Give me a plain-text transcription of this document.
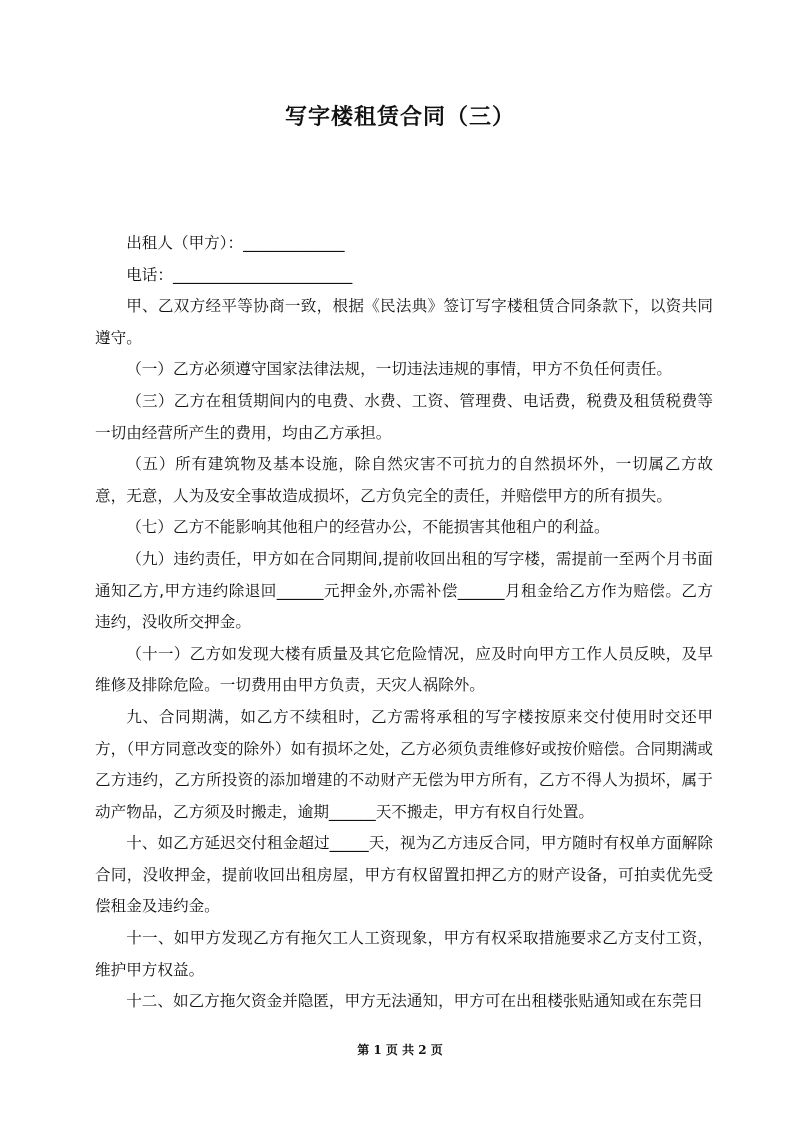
写字楼租赁合同（三）

出租人（甲方）：_____________

电话：_______________________

甲、乙双方经平等协商一致，根据《民法典》签订写字楼租赁合同条款下，以资共同遵守。

（一）乙方必须遵守国家法律法规，一切违法违规的事情，甲方不负任何责任。

（三）乙方在租赁期间内的电费、水费、工资、管理费、电话费，税费及租赁税费等一切由经营所产生的费用，均由乙方承担。

（五）所有建筑物及基本设施，除自然灾害不可抗力的自然损坏外，一切属乙方故意，无意，人为及安全事故造成损坏，乙方负完全的责任，并赔偿甲方的所有损失。

（七）乙方不能影响其他租户的经营办公，不能损害其他租户的利益。

（九）违约责任，甲方如在合同期间,提前收回出租的写字楼，需提前一至两个月书面通知乙方,甲方违约除退回______元押金外,亦需补偿______月租金给乙方作为赔偿。乙方违约，没收所交押金。

（十一）乙方如发现大楼有质量及其它危险情况，应及时向甲方工作人员反映，及早维修及排除危险。一切费用由甲方负责，天灾人祸除外。

九、合同期满，如乙方不续租时，乙方需将承租的写字楼按原来交付使用时交还甲方，（甲方同意改变的除外）如有损坏之处，乙方必须负责维修好或按价赔偿。合同期满或乙方违约，乙方所投资的添加增建的不动财产无偿为甲方所有，乙方不得人为损坏，属于动产物品，乙方须及时搬走，逾期______天不搬走，甲方有权自行处置。

十、如乙方延迟交付租金超过_____天，视为乙方违反合同，甲方随时有权单方面解除合同，没收押金，提前收回出租房屋，甲方有权留置扣押乙方的财产设备，可拍卖优先受偿租金及违约金。

十一、如甲方发现乙方有拖欠工人工资现象，甲方有权采取措施要求乙方支付工资，维护甲方权益。

十二、如乙方拖欠资金并隐匿，甲方无法通知，甲方可在出租楼张贴通知或在东莞日

第 1 页 共 2 页
